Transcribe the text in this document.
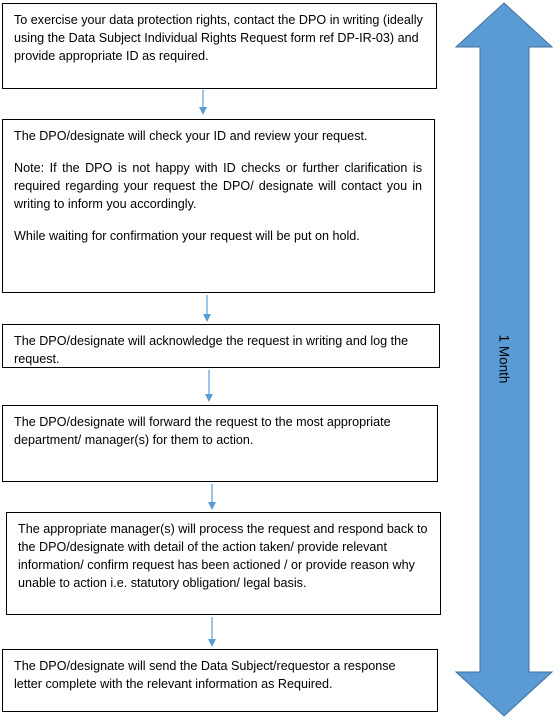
1 Month

To exercise your data protection rights, contact the DPO in writing (ideally using the Data Subject Individual Rights Request form ref DP-IR-03) and provide appropriate ID as required.

The DPO/designate will check your ID and review your request.

Note: If the DPO is not happy with ID checks or further clarification is required regarding your request the DPO/ designate will contact you in writing to inform you accordingly.

While waiting for confirmation your request will be put on hold.

The DPO/designate will acknowledge the request in writing and log the request.

The DPO/designate will forward the request to the most appropriate department/ manager(s) for them to action.

The appropriate manager(s) will process the request and respond back to the DPO/designate with detail of the action taken/ provide relevant information/ confirm request has been actioned / or provide reason why unable to action i.e. statutory obligation/ legal basis.

The DPO/designate will send the Data Subject/requestor a response letter complete with the relevant information as Required.
